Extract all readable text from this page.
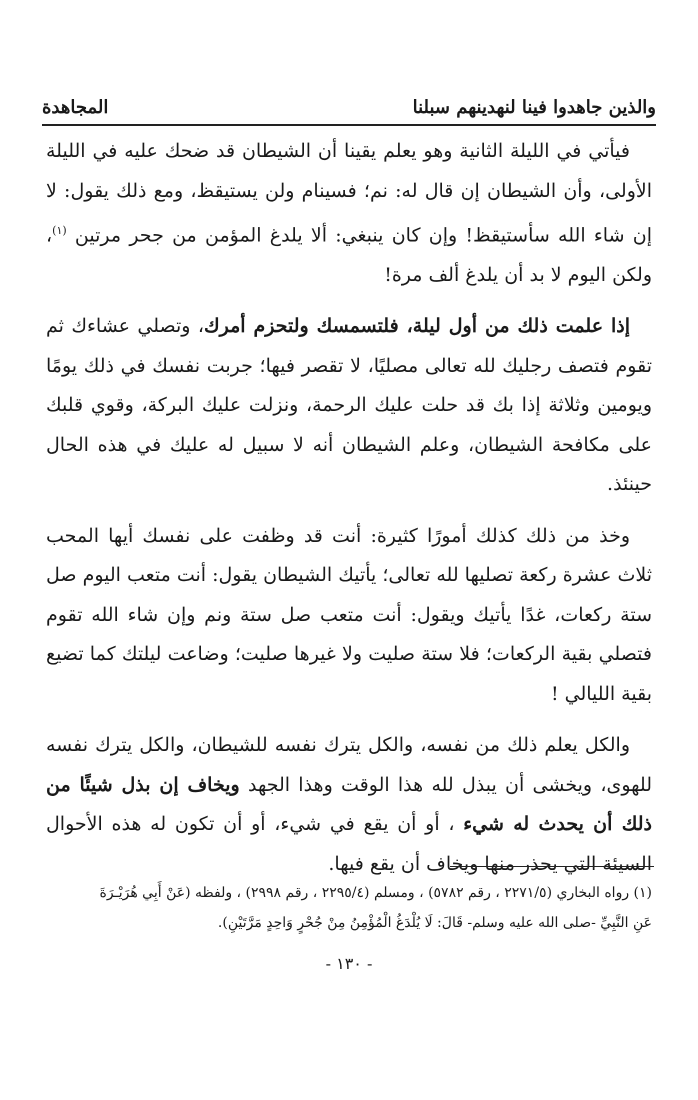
والذين جاهدوا فينا لنهدينهم سبلنا
المجاهدة

فيأتي في الليلة الثانية وهو يعلم يقينا أن الشيطان قد ضحك عليه في الليلة الأولى، وأن الشيطان إن قال له: نم؛ فسينام ولن يستيقظ، ومع ذلك يقول: لا إن شاء الله سأستيقظ! وإن كان ينبغي: ألا يلدغ المؤمن من جحر مرتين $^{(١)}$، ولكن اليوم لا بد أن يلدغ ألف مرة!

إذا علمت ذلك من أول ليلة، فلتسمسك ولتحزم أمرك، وتصلي عشاءك ثم تقوم فتصف رجليك لله تعالى مصليًا، لا تقصر فيها؛ جربت نفسك في ذلك يومًا ويومين وثلاثة إذا بك قد حلت عليك الرحمة، ونزلت عليك البركة، وقوي قلبك على مكافحة الشيطان، وعلم الشيطان أنه لا سبيل له عليك في هذه الحال حينئذ.

وخذ من ذلك كذلك أمورًا كثيرة: أنت قد وظفت على نفسك أيها المحب ثلاث عشرة ركعة تصليها لله تعالى؛ يأتيك الشيطان يقول: أنت متعب اليوم صل ستة ركعات، غدًا يأتيك ويقول: أنت متعب صل ستة ونم وإن شاء الله تقوم فتصلي بقية الركعات؛ فلا ستة صليت ولا غيرها صليت؛ وضاعت ليلتك كما تضيع بقية الليالي !

والكل يعلم ذلك من نفسه، والكل يترك نفسه للشيطان، والكل يترك نفسه للهوى، ويخشى أن يبذل لله هذا الوقت وهذا الجهد ويخاف إن بذل شيئًا من ذلك أن يحدث له شيء ، أو أن يقع في شيء، أو أن تكون له هذه الأحوال السيئة التي يحذر منها ويخاف أن يقع فيها.

(١) رواه البخاري (٢٢٧١/٥ ، رقم ٥٧٨٢) ، ومسلم (٢٢٩٥/٤ ، رقم ٢٩٩٨) ، ولفظه (عَنْ أَبِي هُرَيْـرَةَ

عَنِ النَّبِيِّ -صلى الله عليه وسلم- قَالَ: لَا يُلْدَغُ الْمُؤْمِنُ مِنْ جُحْرٍ وَاحِدٍ مَرَّتَيْنِ).

- ١٣٠ -
